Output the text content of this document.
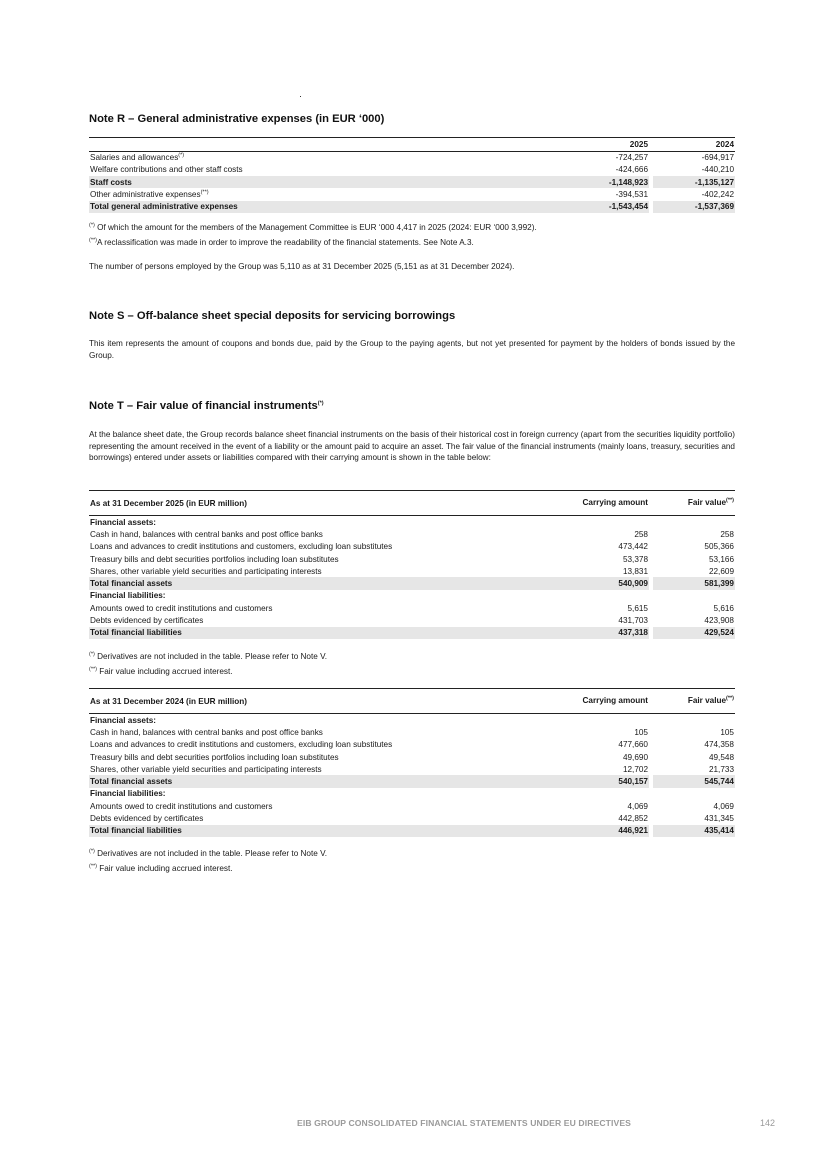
Note R – General administrative expenses (in EUR ‘000)
	2025		2024
Salaries and allowances(*)	-724,257		-694,917
Welfare contributions and other staff costs	-424,666		-440,210
Staff costs	-1,148,923		-1,135,127
Other administrative expenses(**)	-394,531		-402,242
Total general administrative expenses	-1,543,454		-1,537,369
(*) Of which the amount for the members of the Management Committee is EUR ‘000 4,417 in 2025 (2024: EUR ‘000 3,992).
(**)A reclassification was made in order to improve the readability of the financial statements. See Note A.3.
The number of persons employed by the Group was 5,110 as at 31 December 2025 (5,151 as at 31 December 2024).
Note S – Off-balance sheet special deposits for servicing borrowings

This item represents the amount of coupons and bonds due, paid by the Group to the paying agents, but not yet presented for payment by the holders of bonds issued by the Group.

Note T – Fair value of financial instruments(*)

At the balance sheet date, the Group records balance sheet financial instruments on the basis of their historical cost in foreign currency (apart from the securities liquidity portfolio) representing the amount received in the event of a liability or the amount paid to acquire an asset. The fair value of the financial instruments (mainly loans, treasury, securities and borrowings) entered under assets or liabilities compared with their carrying amount is shown in the table below:

As at 31 December 2025 (in EUR million)	Carrying amount		Fair value(**)
Financial assets:			
Cash in hand, balances with central banks and post office banks	258		258
Loans and advances to credit institutions and customers, excluding loan substitutes	473,442		505,366
Treasury bills and debt securities portfolios including loan substitutes	53,378		53,166
Shares, other variable yield securities and participating interests	13,831		22,609
Total financial assets	540,909		581,399
Financial liabilities:			
Amounts owed to credit institutions and customers	5,615		5,616
Debts evidenced by certificates	431,703		423,908
Total financial liabilities	437,318		429,524
(*) Derivatives are not included in the table. Please refer to Note V.
(**) Fair value including accrued interest.
As at 31 December 2024 (in EUR million)	Carrying amount		Fair value(**)
Financial assets:			
Cash in hand, balances with central banks and post office banks	105		105
Loans and advances to credit institutions and customers, excluding loan substitutes	477,660		474,358
Treasury bills and debt securities portfolios including loan substitutes	49,690		49,548
Shares, other variable yield securities and participating interests	12,702		21,733
Total financial assets	540,157		545,744
Financial liabilities:			
Amounts owed to credit institutions and customers	4,069		4,069
Debts evidenced by certificates	442,852		431,345
Total financial liabilities	446,921		435,414
(*) Derivatives are not included in the table. Please refer to Note V.
(**) Fair value including accrued interest.
EIB GROUP CONSOLIDATED FINANCIAL STATEMENTS UNDER EU DIRECTIVES	142
